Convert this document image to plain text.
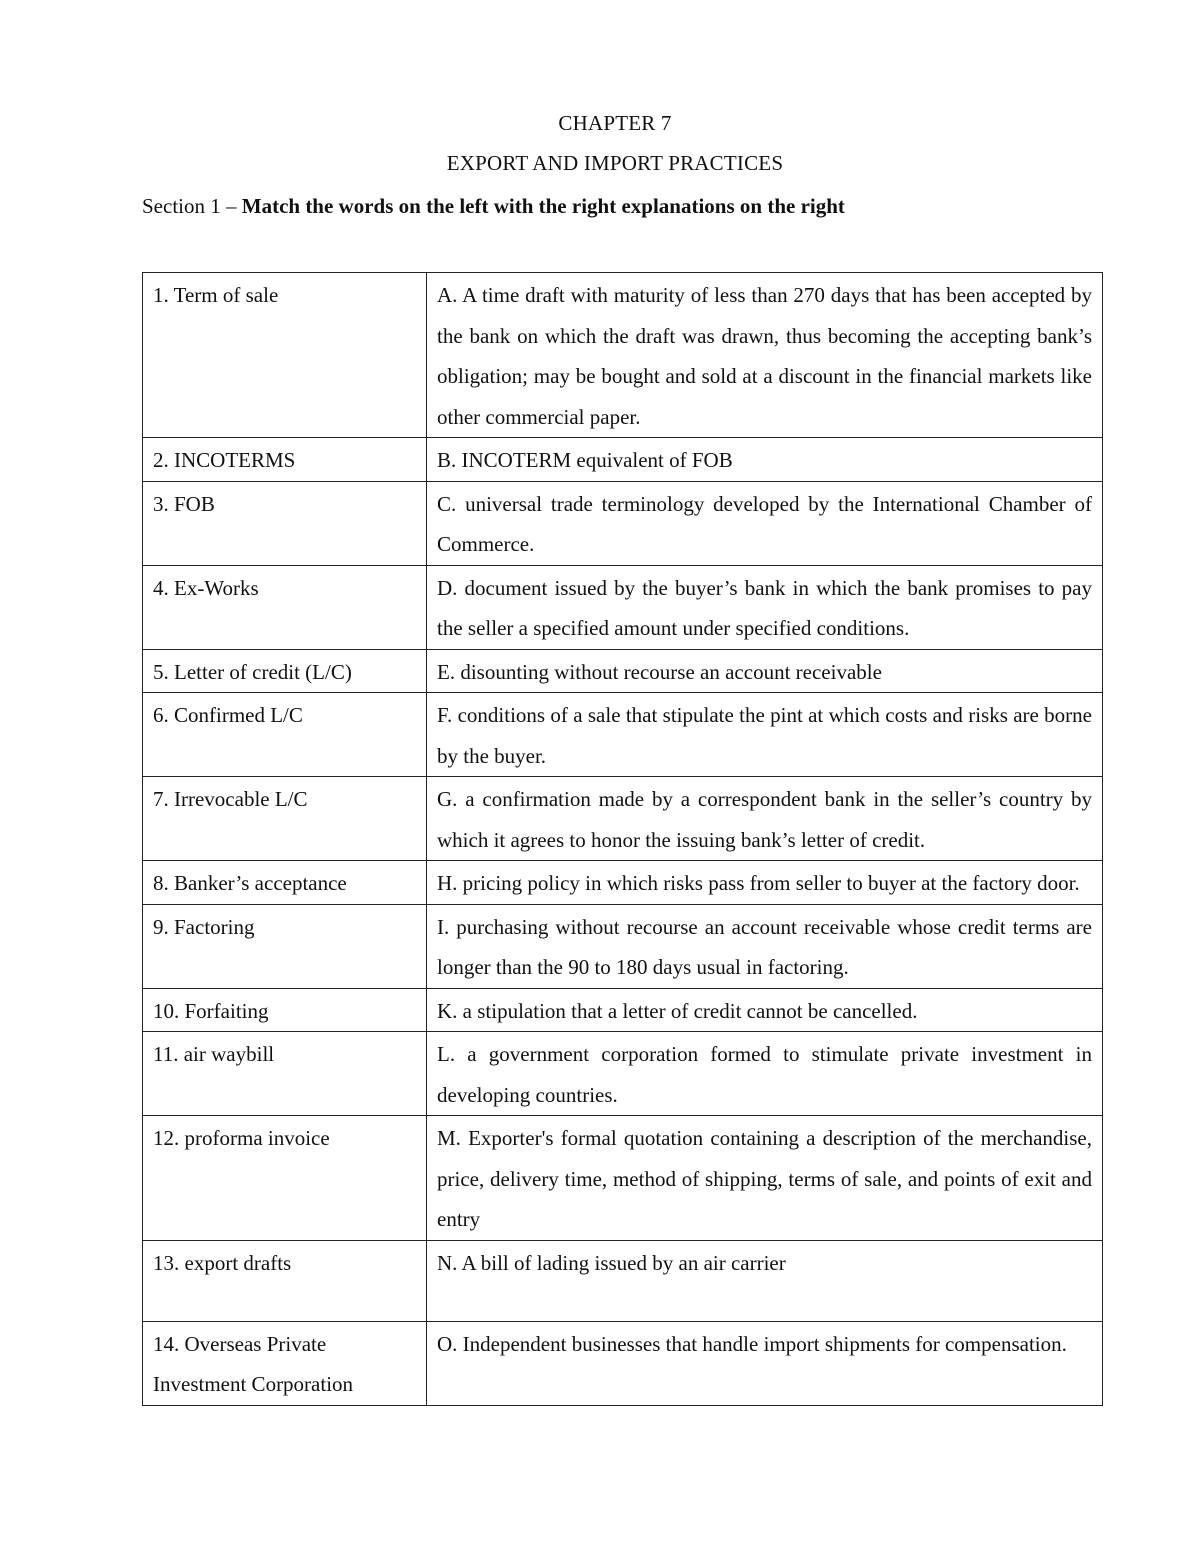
CHAPTER 7
EXPORT AND IMPORT PRACTICES
Section 1 – Match the words on the left with the right explanations on the right
1. Term of sale	A. A time draft with maturity of less than 270 days that has been accepted by the bank on which the draft was drawn, thus becoming the accepting bank’s obligation; may be bought and sold at a discount in the financial markets like other commercial paper.
2. INCOTERMS	B. INCOTERM equivalent of FOB
3. FOB	C. universal trade terminology developed by the International Chamber of Commerce.
4. Ex-Works	D. document issued by the buyer’s bank in which the bank promises to pay the seller a specified amount under specified conditions.
5. Letter of credit (L/C)	E. disounting without recourse an account receivable
6. Confirmed L/C	F. conditions of a sale that stipulate the pint at which costs and risks are borne by the buyer.
7. Irrevocable L/C	G. a confirmation made by a correspondent bank in the seller’s country by which it agrees to honor the issuing bank’s letter of credit.
8. Banker’s acceptance	H. pricing policy in which risks pass from seller to buyer at the factory door.
9. Factoring	I. purchasing without recourse an account receivable whose credit terms are longer than the 90 to 180 days usual in factoring.
10. Forfaiting	K. a stipulation that a letter of credit cannot be cancelled.
11. air waybill	L. a government corporation formed to stimulate private investment in developing countries.
12. proforma invoice	M. Exporter's formal quotation containing a description of the merchandise, price, delivery time, method of shipping, terms of sale, and points of exit and entry
13. export drafts	N. A bill of lading issued by an air carrier
14. Overseas Private Investment Corporation	O. Independent businesses that handle import shipments for compensation.
